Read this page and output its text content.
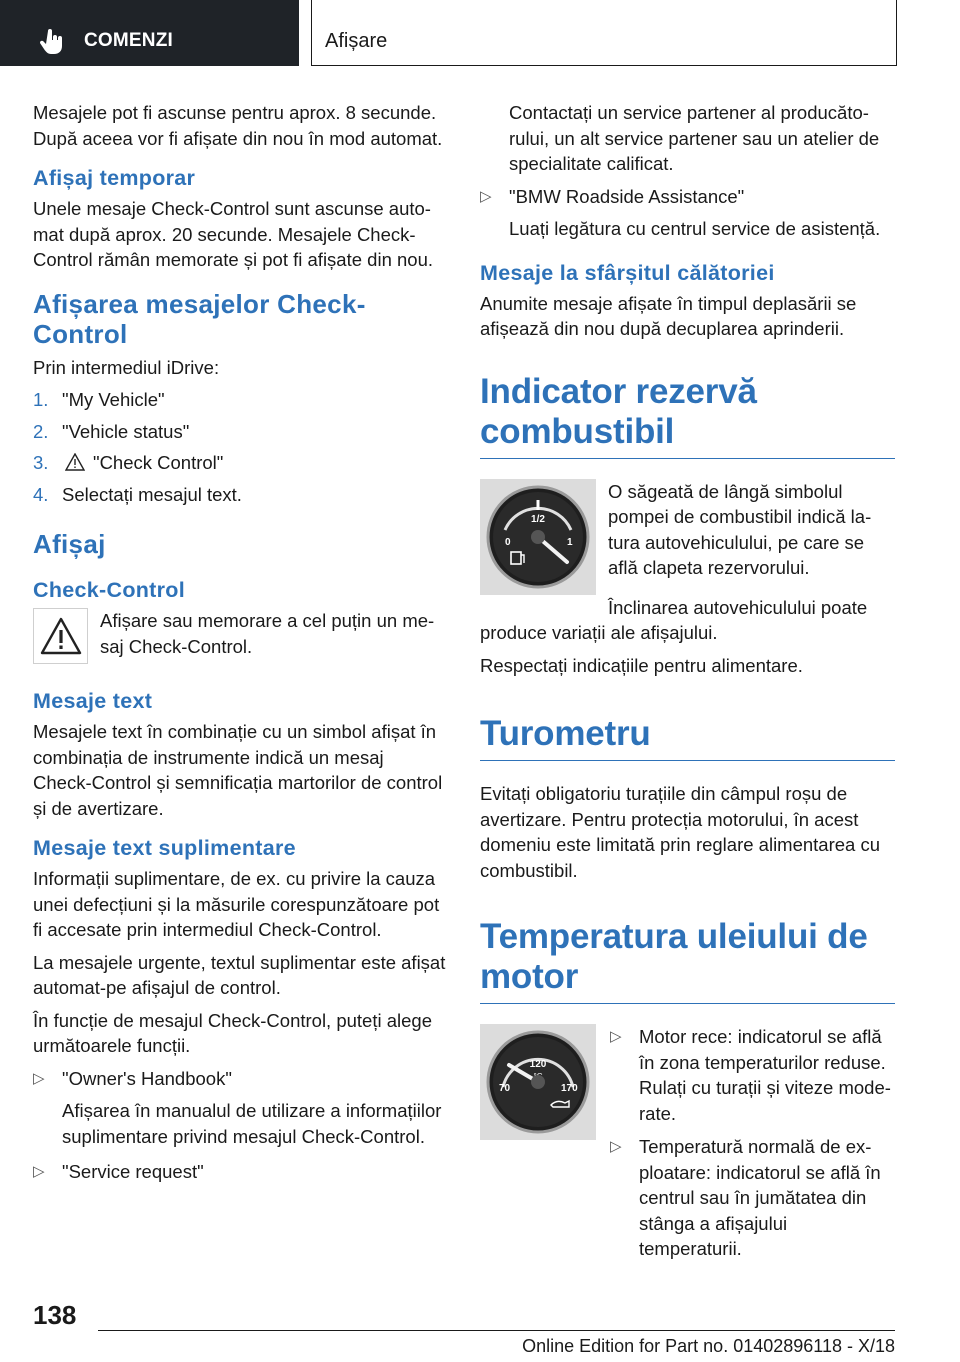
COMENZI	Afișare

Mesajele pot fi ascunse pentru aprox. 8 secunde. După aceea vor fi afișate din nou în mod automat.

Afișaj temporar

Unele mesaje Check-Control sunt ascunse automat după aprox. 20 secunde. Mesajele Check-Control rămân memorate și pot fi afișate din nou.

Afișarea mesajelor Check-Control

Prin intermediul iDrive:

1. "My Vehicle"
2. "Vehicle status"
3.	"Check Control"
4. Selectați mesajul text.
Afișaj
Check-Control

Afișare sau memorare a cel puțin un mesaj Check-Control.

Mesaje text

Mesajele text în combinație cu un simbol afișat în combinația de instrumente indică un mesaj Check-Control și semnificația martorilor de control și de avertizare.

Mesaje text suplimentare

Informații suplimentare, de ex. cu privire la cauza unei defecțiuni și la măsurile corespunzătoare pot fi accesate prin intermediul Check-Control.

La mesajele urgente, textul suplimentar este afișat automat-pe afișajul de control.

În funcție de mesajul Check-Control, puteți alege următoarele funcții.

▷ "Owner's Handbook"
Afișarea în manualul de utilizare a informațiilor suplimentare privind mesajul Check-Control.
▷ "Service request"
Contactați un service partener al producătorului, un alt service partener sau un atelier de specialitate calificat.
▷ "BMW Roadside Assistance"
Luați legătura cu centrul service de asistență.
Mesaje la sfârșitul călătoriei

Anumite mesaje afișate în timpul deplasării se afișează din nou după decuplarea aprinderii.

Indicator rezervă combustibil
1/2
0	1

O săgeată de lângă simbolul pompei de combustibil indică latura autovehiculului, pe care se află clapeta rezervorului.

Înclinarea autovehiculului poate produce variații ale afișajului.

Respectați indicațiile pentru alimentare.

Turometru

Evitați obligatoriu turațiile din câmpul roșu de avertizare. Pentru protecția motorului, în acest domeniu este limitată prin reglare alimentarea cu combustibil.

Temperatura uleiului de motor
120
70	170
▷ Motor rece: indicatorul se află în zona temperaturilor reduse. Rulați cu turații și viteze moderate.
▷ Temperatură normală de exploatare: indicatorul se află în centrul sau în jumătatea din stânga a afișajului temperaturii.
138
Online Edition for Part no. 01402896118 - X/18
